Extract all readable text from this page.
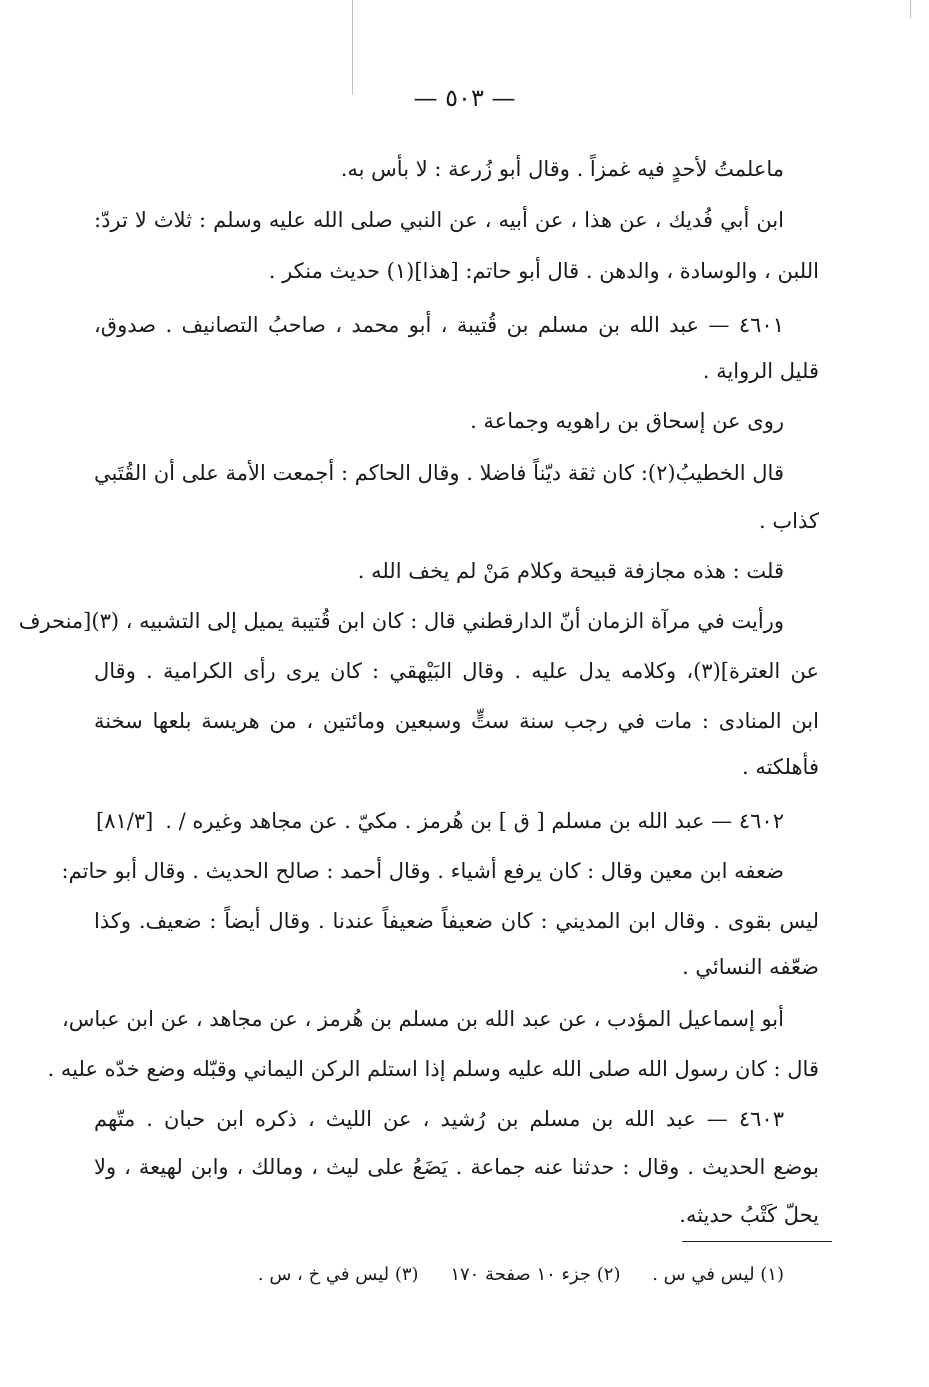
— ٥٠٣ —
ماعلمتُ لأحدٍ فيه غمزاً . وقال أبو زُرعة : لا بأس به.
ابن أبي فُديك ، عن هذا ، عن أبيه ، عن النبي صلى الله عليه وسلم : ثلاث لا تردّ:
اللبن ، والوسادة ، والدهن . قال أبو حاتم: [هذا](١) حديث منكر .
٤٦٠١ — عبد الله بن مسلم بن قُتيبة ، أبو محمد ، صاحبُ التصانيف . صدوق،
قليل الرواية .
روى عن إسحاق بن راهويه وجماعة .
قال الخطيبُ(٢): كان ثقة ديّناً فاضلا . وقال الحاكم : أجمعت الأمة على أن القُتَبي
كذاب .
قلت : هذه مجازفة قبيحة وكلام مَنْ لم يخف الله .
ورأيت في مرآة الزمان أنّ الدارقطني قال : كان ابن قُتيبة يميل إلى التشبيه ، (٣)[منحرف
عن العترة](٣)، وكلامه يدل عليه . وقال البَيْهقي : كان يرى رأى الكرامية . وقال
ابن المنادى : مات في رجب سنة ستٍّ وسبعين ومائتين ، من هريسة بلعها سخنة
فأهلكته .
٤٦٠٢ — عبد الله بن مسلم [ ق ] بن هُرمز . مكيّ . عن مجاهد وغيره / .
[٨١/٣]
ضعفه ابن معين وقال : كان يرفع أشياء . وقال أحمد : صالح الحديث . وقال أبو حاتم:
ليس بقوى . وقال ابن المديني : كان ضعيفاً ضعيفاً عندنا . وقال أيضاً : ضعيف. وكذا
ضعّفه النسائي .
أبو إسماعيل المؤدب ، عن عبد الله بن مسلم بن هُرمز ، عن مجاهد ، عن ابن عباس،
قال : كان رسول الله صلى الله عليه وسلم إذا استلم الركن اليماني وقبّله وضع خدّه عليه .
٤٦٠٣ — عبد الله بن مسلم بن رُشيد ، عن الليث ، ذكره ابن حبان . متّهم
بوضع الحديث . وقال : حدثنا عنه جماعة . يَضَعُ على ليث ، ومالك ، وابن لهيعة ، ولا
يحلّ كَتْبُ حديثه.
(١) ليس في س . (٢) جزء ١٠ صفحة ١٧٠ (٣) ليس في خ ، س .
